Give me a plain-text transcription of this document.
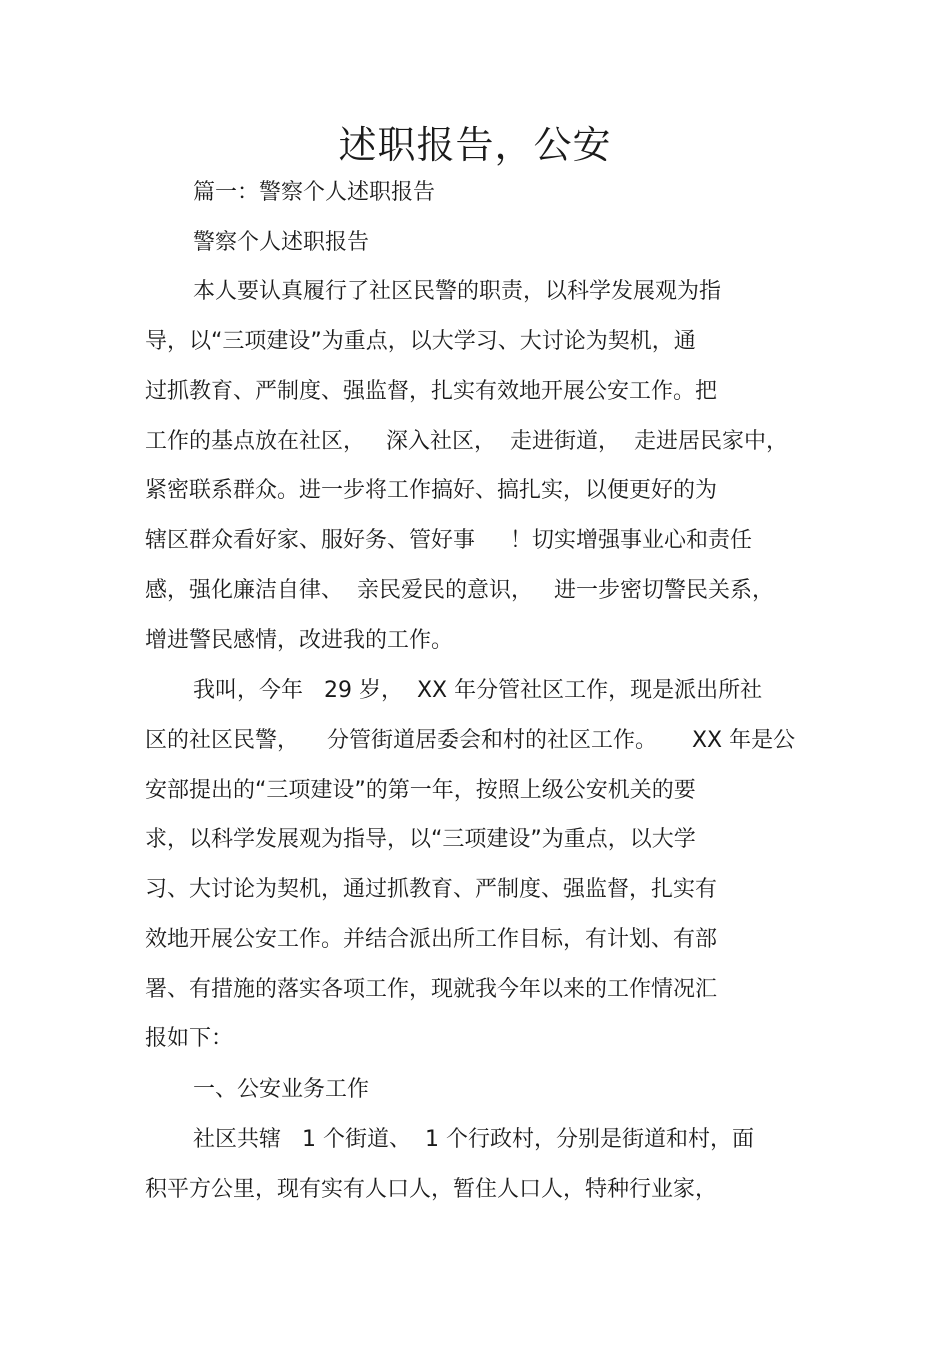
述职报告，公安
篇一：警察个人述职报告
警察个人述职报告
本人要认真履行了社区民警的职责，以科学发展观为指
导，以“三项建设”为重点，以大学习、大讨论为契机，通
过抓教育、严制度、强监督，扎实有效地开展公安工作。把
工作的基点放在社区，   深入社区，  走进街道，  走进居民家中，
紧密联系群众。进一步将工作搞好、搞扎实，以便更好的为
辖区群众看好家、服好务、管好事     ！切实增强事业心和责任
感，强化廉洁自律、  亲民爱民的意识，   进一步密切警民关系，
增进警民感情，改进我的工作。
我叫，今年   29 岁，  XX 年分管社区工作，现是派出所社
区的社区民警，    分管街道居委会和村的社区工作。     XX 年是公
安部提出的“三项建设”的第一年，按照上级公安机关的要
求，以科学发展观为指导，以“三项建设”为重点，以大学
习、大讨论为契机，通过抓教育、严制度、强监督，扎实有
效地开展公安工作。并结合派出所工作目标，有计划、有部
署、有措施的落实各项工作，现就我今年以来的工作情况汇
报如下：
一、公安业务工作
社区共辖   1 个街道、  1 个行政村，分别是街道和村，面
积平方公里，现有实有人口人，暂住人口人，特种行业家，
